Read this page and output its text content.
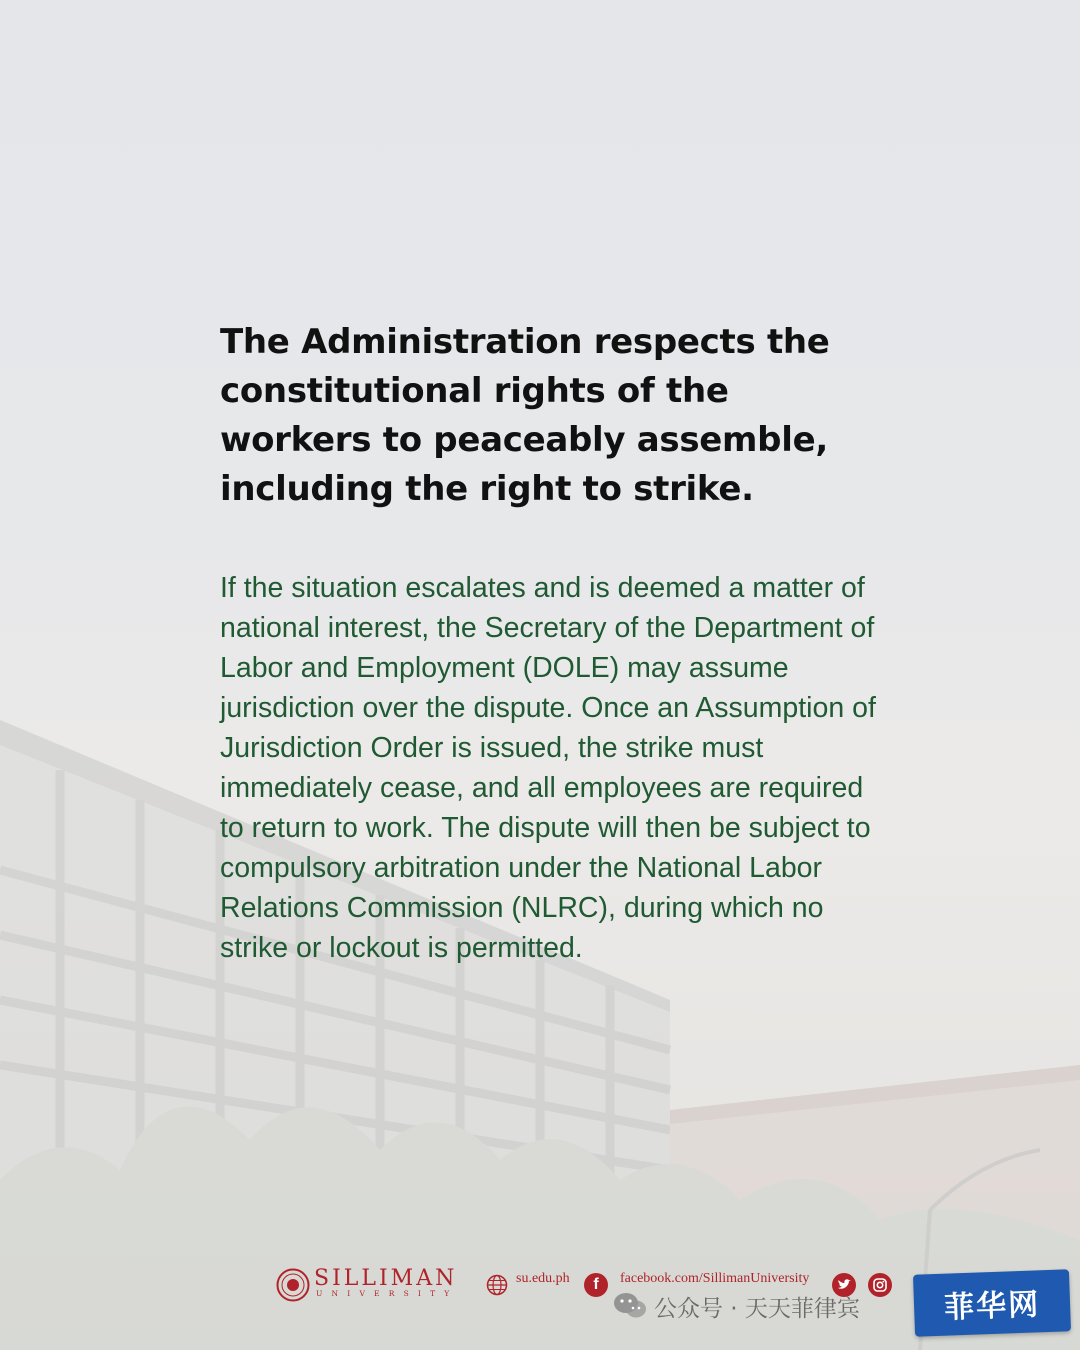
The Administration respects the constitutional rights of the workers to peaceably assemble, including the right to strike.

If the situation escalates and is deemed a matter of national interest, the Secretary of the Department of Labor and Employment (DOLE) may assume jurisdiction over the dispute. Once an Assumption of Jurisdiction Order is issued, the strike must immediately cease, and all employees are required to return to work. The dispute will then be subject to compulsory arbitration under the National Labor Relations Commission (NLRC), during which no strike or lockout is permitted.

SILLIMAN
UNIVERSITY
su.edu.ph	f	facebook.com/SillimanUniversity
公众号 · 天天菲律宾	菲华网
